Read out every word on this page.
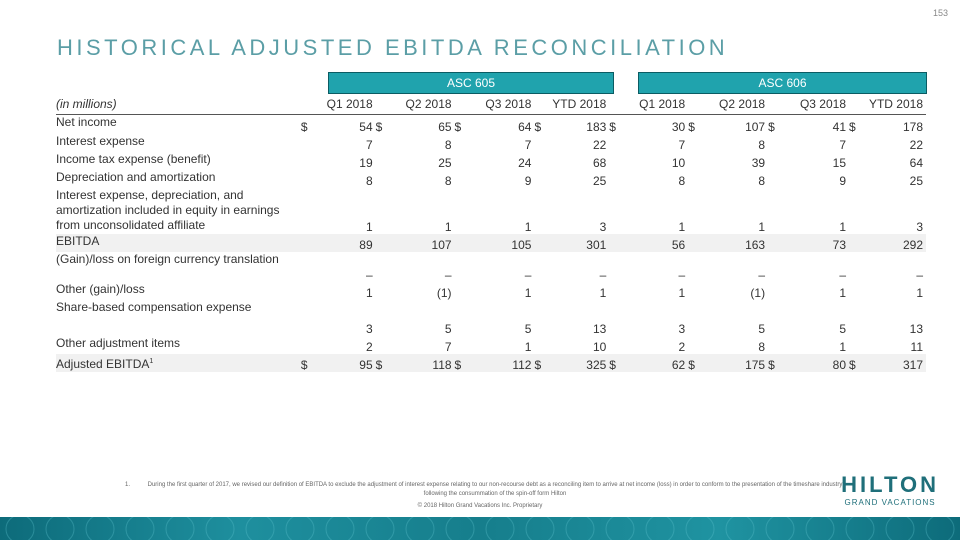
153
HISTORICAL ADJUSTED EBITDA RECONCILIATION
ASC 605	ASC 606
(in millions)	Q1 2018		Q2 2018		Q3 2018		YTD 2018		Q1 2018		Q2 2018		Q3 2018		YTD 2018	
Net income	$	54	$	65	$	64	$	183	$	30	$	107	$	41	$	178
Interest expense		7		8		7		22		7		8		7		22
Income tax expense (benefit)		19		25		24		68		10		39		15		64
Depreciation and amortization		8		8		9		25		8		8		9		25
Interest expense, depreciation, and amortization included in equity in earnings from unconsolidated affiliate		1		1		1		3		1		1		1		3
EBITDA		89		107		105		301		56		163		73		292
(Gain)/loss on foreign currency translation		–		–		–		–		–		–		–		–
Other (gain)/loss		1		(1)		1		1		1		(1)		1		1
Share-based compensation expense		3		5		5		13		3		5		5		13
Other adjustment items		2		7		1		10		2		8		1		11
Adjusted EBITDA$^1$	$	95	$	118	$	112	$	325	$	62	$	175	$	80	$	317
1.	During the first quarter of 2017, we revised our definition of EBITDA to exclude the adjustment of interest expense relating to our non-recourse debt as a reconciling item to arrive at net income (loss) in order to conform to the presentation of the timeshare industry following the consummation of the spin-off form Hilton
© 2018 Hilton Grand Vacations Inc. Proprietary
HILTON
GRAND VACATIONS
